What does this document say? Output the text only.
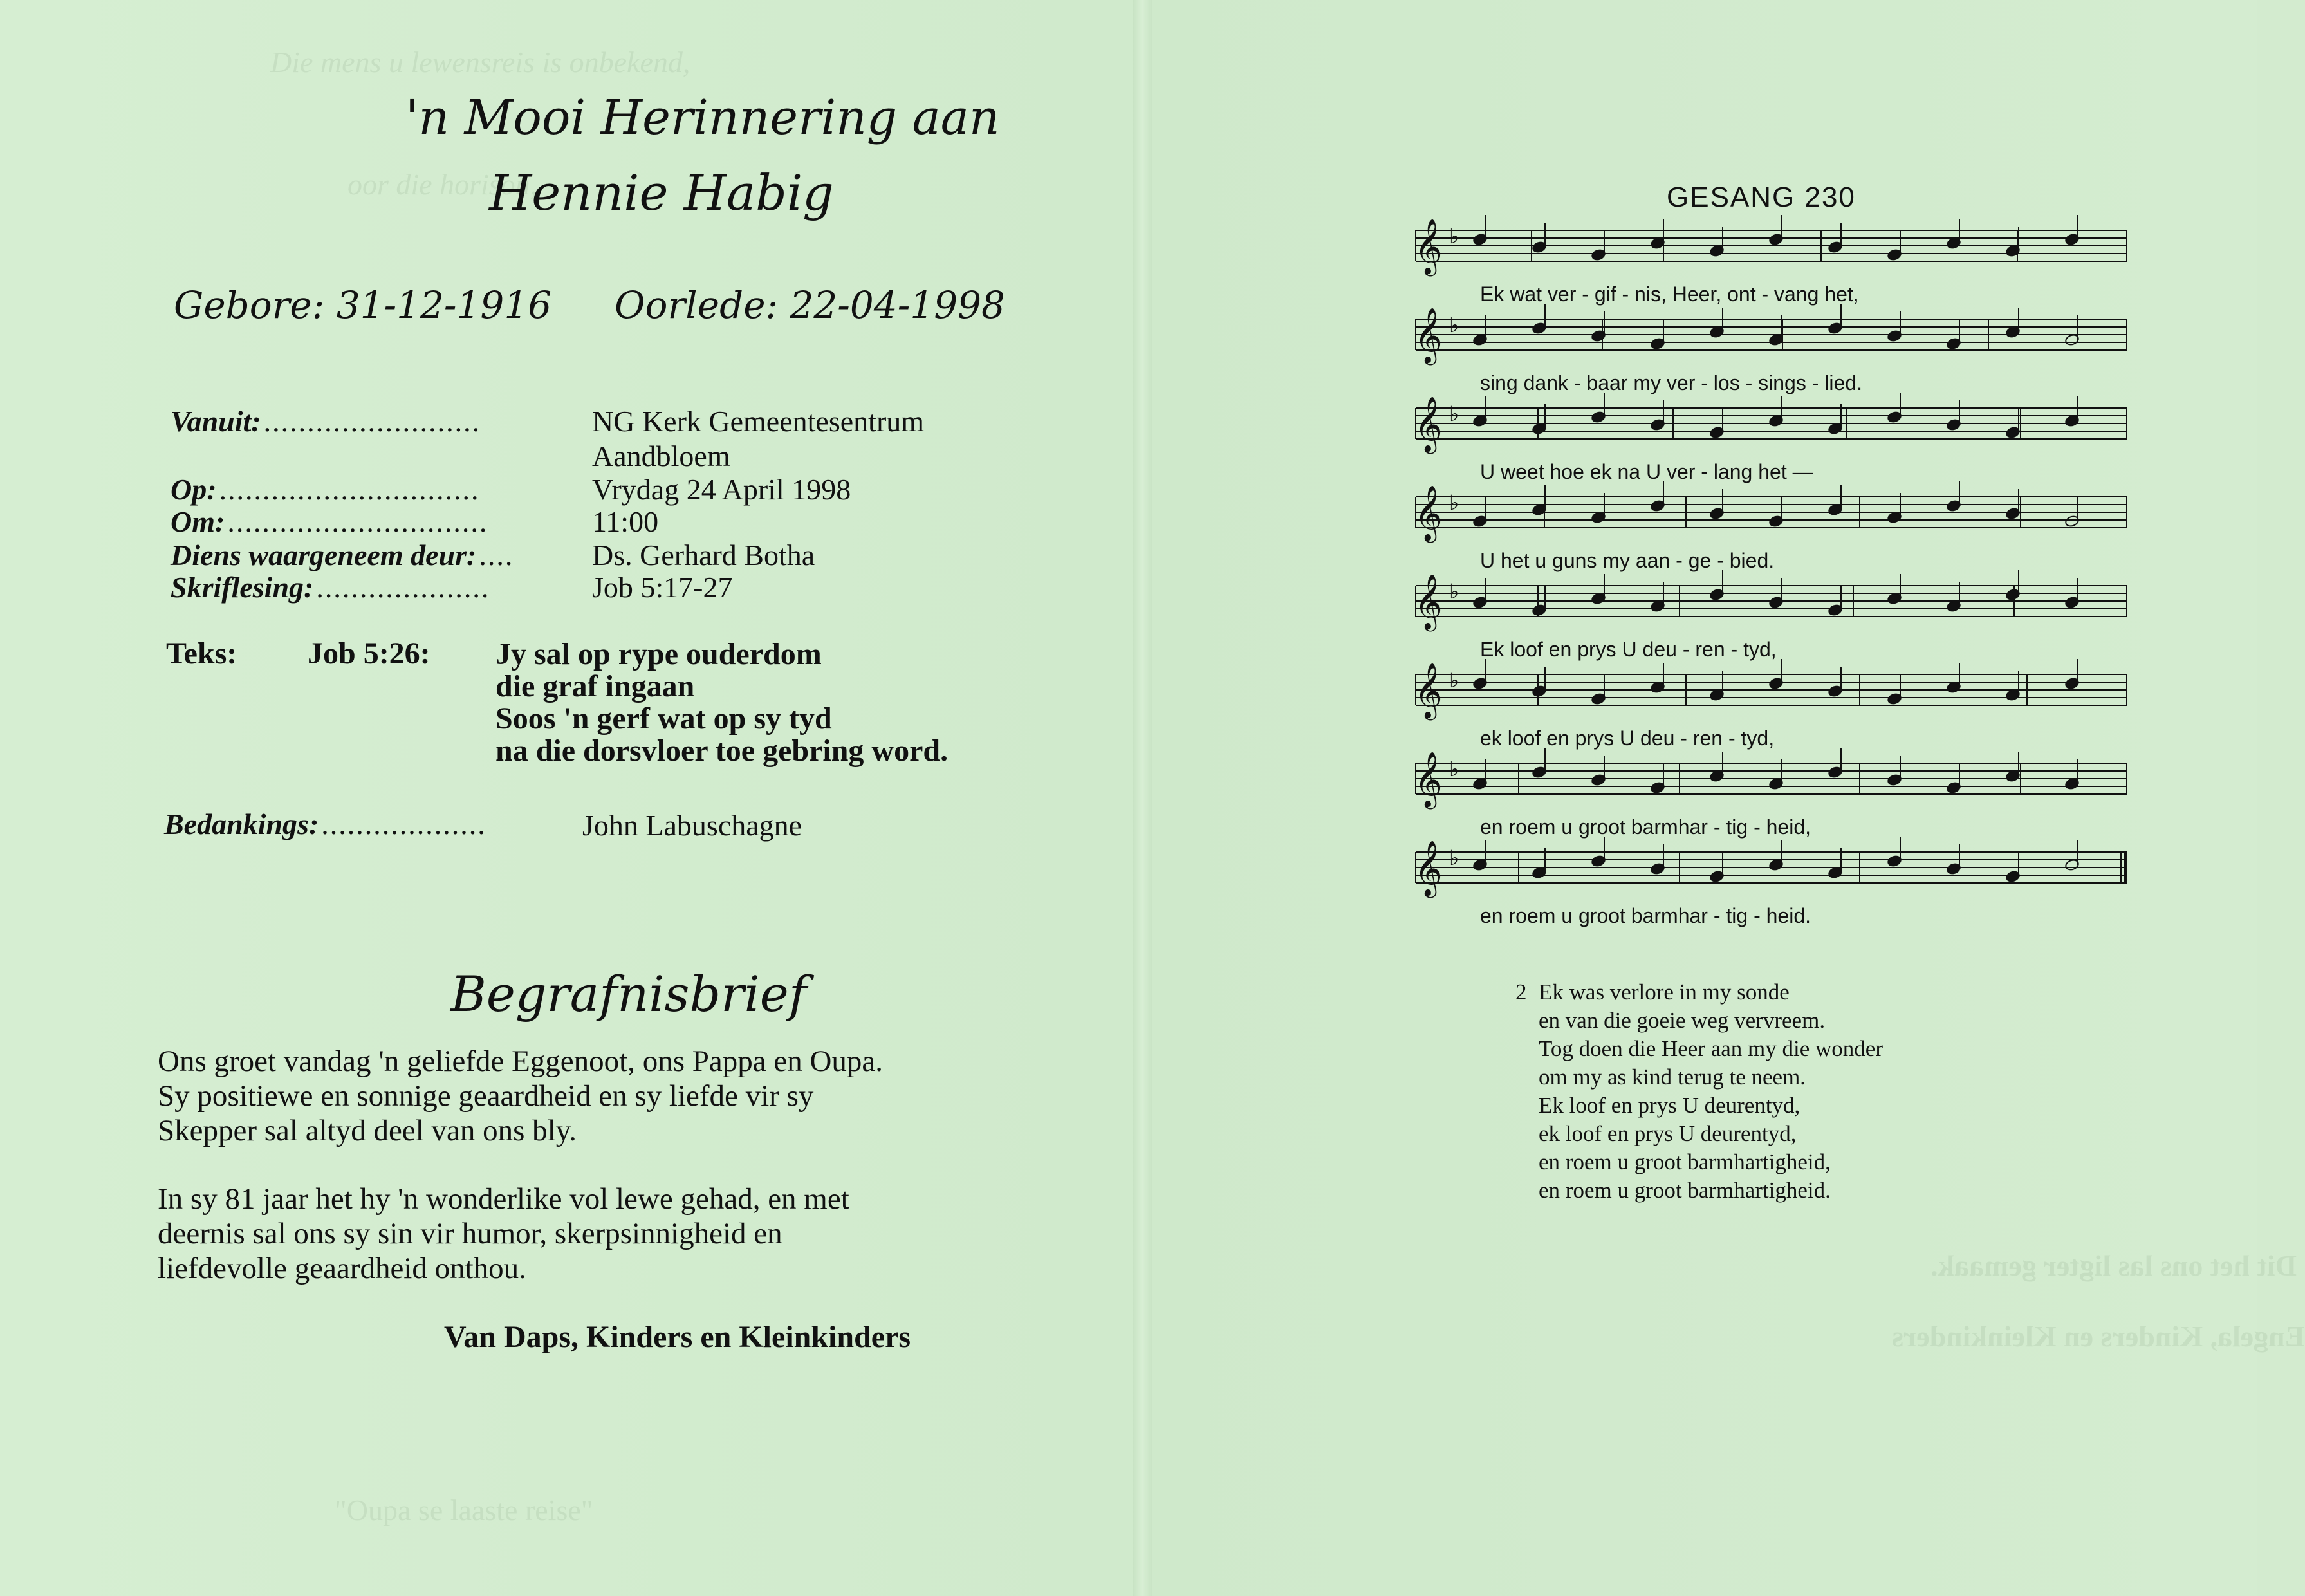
Die mens u lewensreis is onbekend,
oor die horison,
"Oupa se laaste reise"
'n Mooi Herinnering aan
Hennie Habig
Gebore: 31-12-1916 Oorlede: 22-04-1998
Vanuit: .........................	NG Kerk Gemeentesentrum
Aandbloem
Op: ..............................	Vrydag 24 April 1998
Om: ..............................	11:00
Diens waargeneem deur: ....	Ds. Gerhard Botha
Skriflesing: ....................	Job 5:17-27
Teks: Job 5:26: Jy sal op rype ouderdom
die graf ingaan
Soos 'n gerf wat op sy tyd
na die dorsvloer toe gebring word.
Bedankings: ...................	John Labuschagne
Begrafnisbrief
Ons groet vandag 'n geliefde Eggenoot, ons Pappa en Oupa.
Sy positiewe en sonnige geaardheid en sy liefde vir sy
Skepper sal altyd deel van ons bly.
In sy 81 jaar het hy 'n wonderlike vol lewe gehad, en met
deernis sal ons sy sin vir humor, skerpsinnigheid en
liefdevolle geaardheid onthou.
Van Daps, Kinders en Kleinkinders
Dit het ons las ligter gemaak.
Engela, Kinders en Kleinkinders
GESANG 230
𝄞 ♭
Ek wat ver - gif - nis, Heer, ont - vang het,
𝄞 ♭
sing dank - baar my ver - los - sings - lied.
𝄞 ♭
U weet hoe ek na U ver - lang het —
𝄞 ♭
U het u guns my aan - ge - bied.
𝄞 ♭
Ek loof en prys U deu - ren - tyd,
𝄞 ♭
ek loof en prys U deu - ren - tyd,
𝄞 ♭
en roem u groot barmhar - tig - heid,
𝄞 ♭
en roem u groot barmhar - tig - heid.
2 Ek was verlore in my sonde
en van die goeie weg vervreem.
Tog doen die Heer aan my die wonder
om my as kind terug te neem.
Ek loof en prys U deurentyd,
ek loof en prys U deurentyd,
en roem u groot barmhartigheid,
en roem u groot barmhartigheid.
